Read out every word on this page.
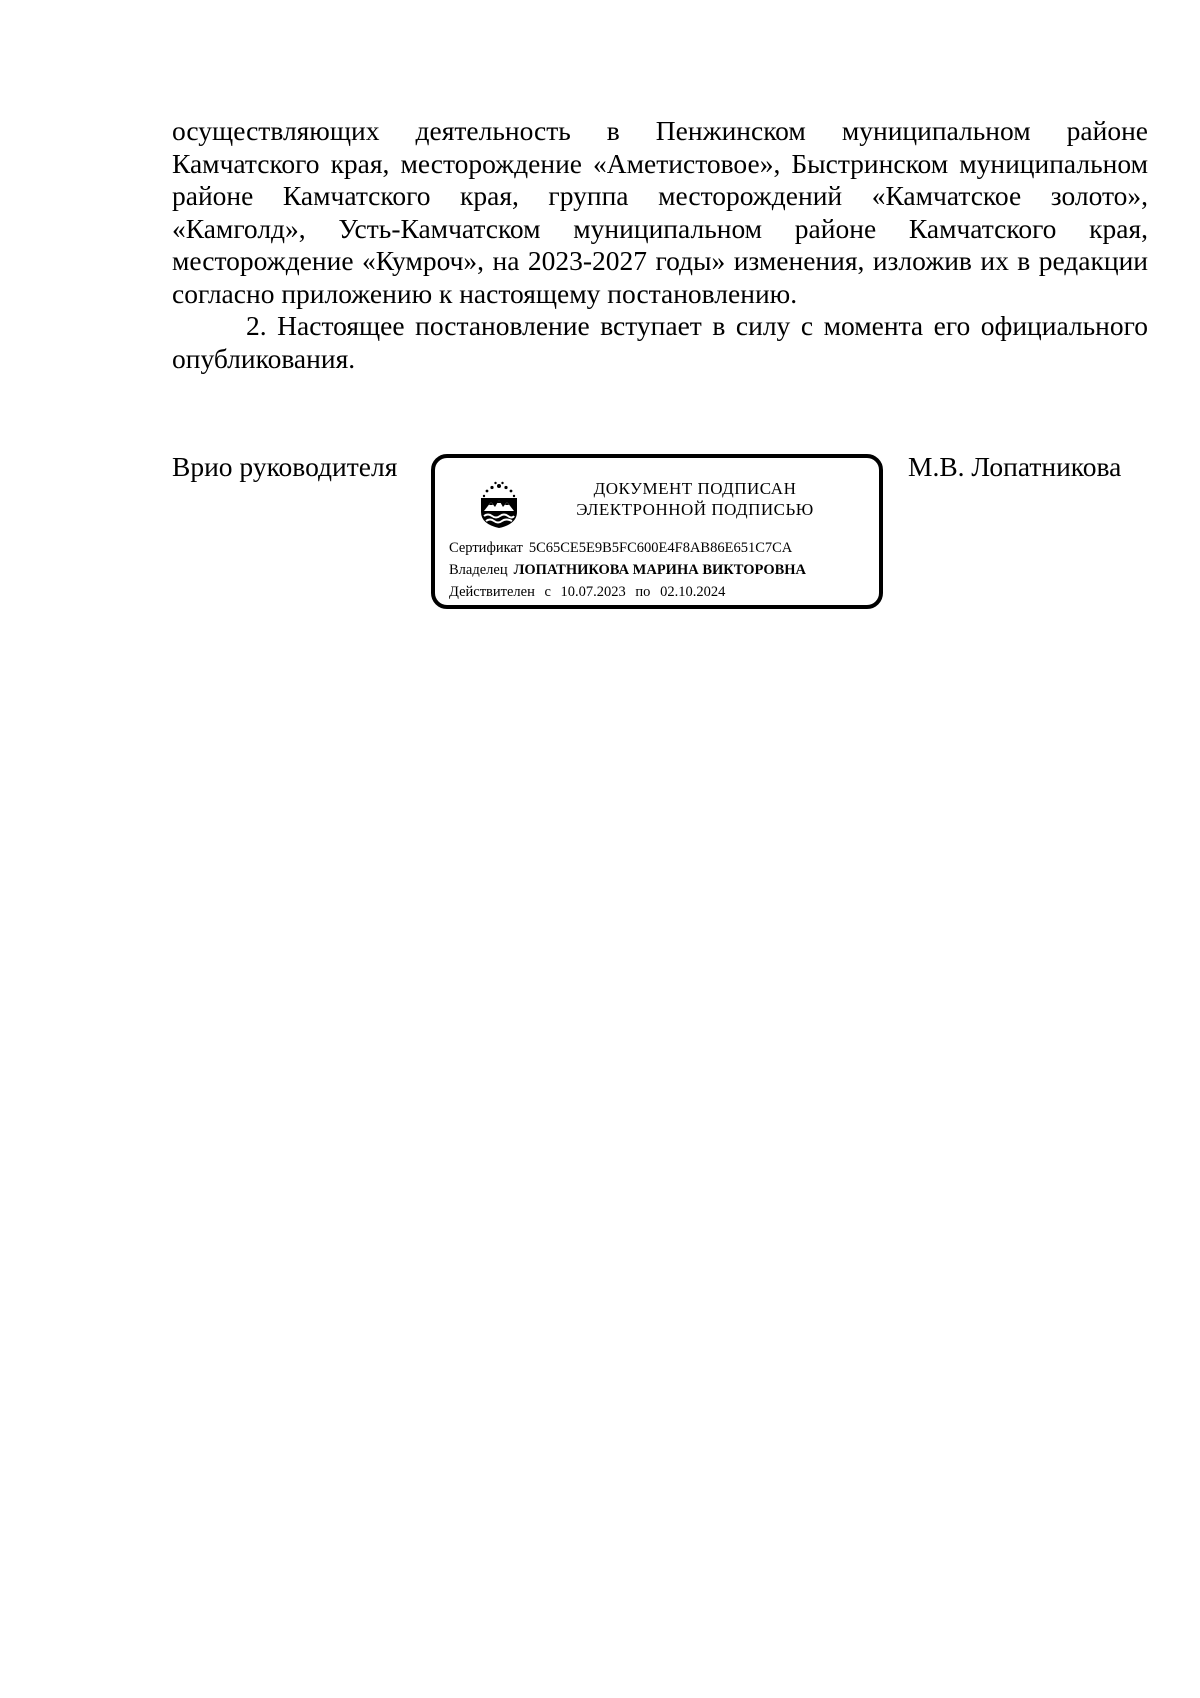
осуществляющих деятельность в Пенжинском муниципальном районе Камчатского края, месторождение «Аметистовое», Быстринском муниципальном районе Камчатского края, группа месторождений «Камчатское золото», «Камголд», Усть-Камчатском муниципальном районе Камчатского края, месторождение «Кумроч», на 2023-2027 годы» изменения, изложив их в редакции согласно приложению к настоящему постановлению.

2. Настоящее постановление вступает в силу с момента его официального опубликования.

Врио руководителя
ДОКУМЕНТ ПОДПИСАН
ЭЛЕКТРОННОЙ ПОДПИСЬЮ
Сертификат 5C65CE5E9B5FC600E4F8AB86E651C7CA
Владелец ЛОПАТНИКОВА МАРИНА ВИКТОРОВНА
Действителен с 10.07.2023 по 02.10.2024
М.В. Лопатникова
